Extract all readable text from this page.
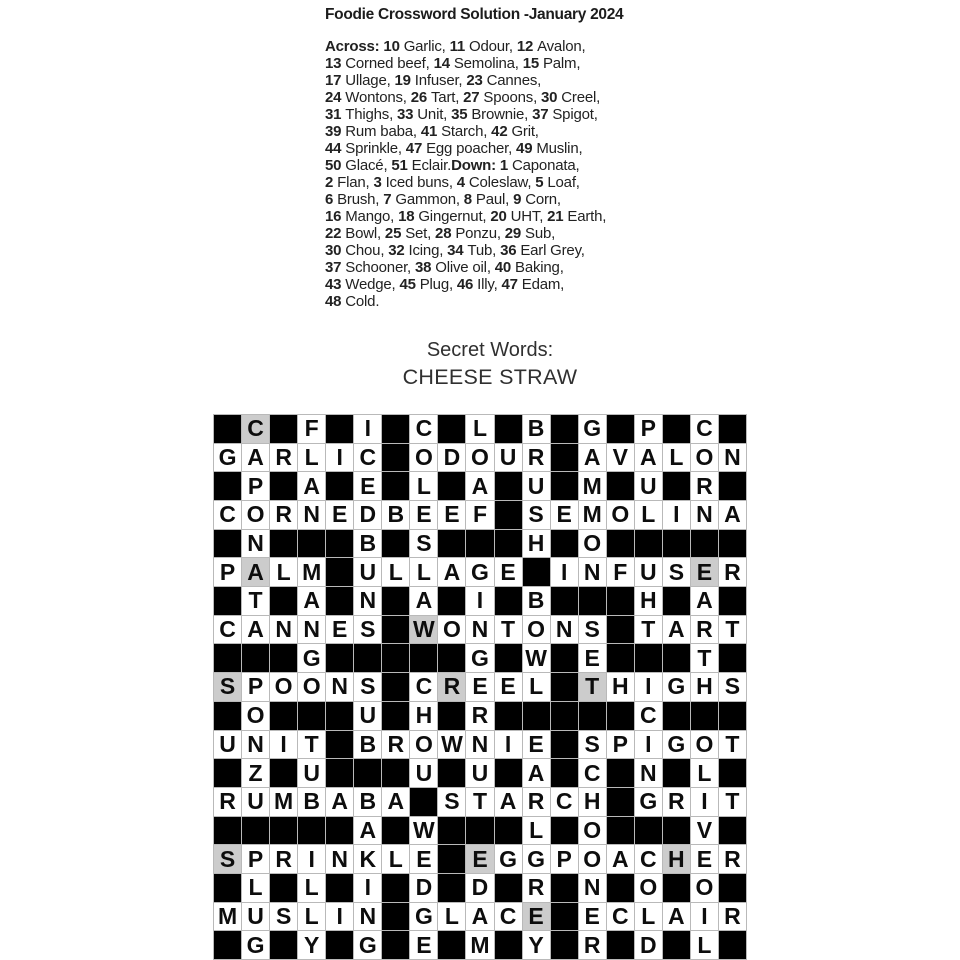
Foodie Crossword Solution -January 2024
Across: 10 Garlic, 11 Odour, 12 Avalon,
13 Corned beef, 14 Semolina, 15 Palm,
17 Ullage, 19 Infuser, 23 Cannes,
24 Wontons, 26 Tart, 27 Spoons, 30 Creel,
31 Thighs, 33 Unit, 35 Brownie, 37 Spigot,
39 Rum baba, 41 Starch, 42 Grit,
44 Sprinkle, 47 Egg poacher, 49 Muslin,
50 Glacé, 51 Eclair.Down: 1 Caponata,
2 Flan, 3 Iced buns, 4 Coleslaw, 5 Loaf,
6 Brush, 7 Gammon, 8 Paul, 9 Corn,
16 Mango, 18 Gingernut, 20 UHT, 21 Earth,
22 Bowl, 25 Set, 28 Ponzu, 29 Sub,
30 Chou, 32 Icing, 34 Tub, 36 Earl Grey,
37 Schooner, 38 Olive oil, 40 Baking,
43 Wedge, 45 Plug, 46 Illy, 47 Edam,
48 Cold.
Secret Words:
CHEESE STRAW
C F	I	C L B G P C
G A R L I C O D O U R A V A L O N
P A E L A U M U R
C O R N E D B E E F S E M O L I N A
N	B S	H O
P A L M U L L A G E	I N F U S E R
T A N A	I	B	H A
C A N N E S W O N T O N S T A R T
G	G W E	T
S P O O N S C R E E L T H I G H S
O	U H R	C
U N I T B R O W N I E S P I G O T
Z U	U U A C N L
R U M B A B A S T A R C H G R I T
A W	L O	V
S P R I N K L E E G G P O A C H E R
L L	I	D D R N O O
M U S L I N G L A C E E C L A I R
G Y G E M Y R D L
